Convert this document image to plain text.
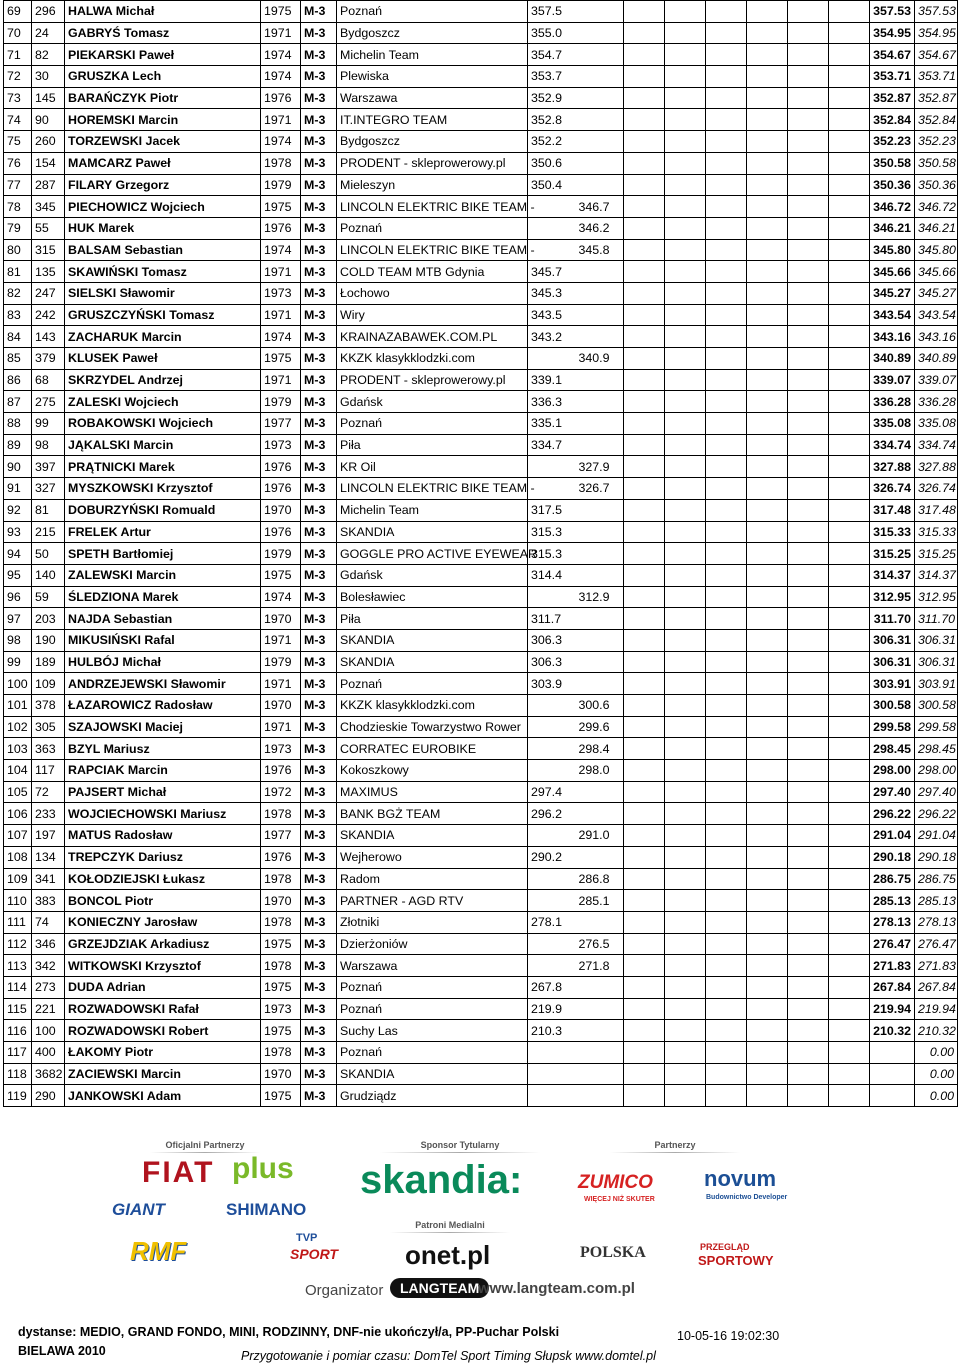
69	296	HALWA Michał	1975	M-3	Poznań	357.5								357.53	357.53
70	24	GABRYŚ Tomasz	1971	M-3	Bydgoszcz	355.0								354.95	354.95
71	82	PIEKARSKI Paweł	1974	M-3	Michelin Team	354.7								354.67	354.67
72	30	GRUSZKA Lech	1974	M-3	Plewiska	353.7								353.71	353.71
73	145	BARAŃCZYK Piotr	1976	M-3	Warszawa	352.9								352.87	352.87
74	90	HOREMSKI Marcin	1971	M-3	IT.INTEGRO TEAM	352.8								352.84	352.84
75	260	TORZEWSKI Jacek	1974	M-3	Bydgoszcz	352.2								352.23	352.23
76	154	MAMCARZ Paweł	1978	M-3	PRODENT - skleprowerowy.pl	350.6								350.58	350.58
77	287	FILARY Grzegorz	1979	M-3	Mieleszyn	350.4								350.36	350.36
78	345	PIECHOWICZ Wojciech	1975	M-3	LINCOLN ELEKTRIC BIKE TEAM -		346.7							346.72	346.72
79	55	HUK Marek	1976	M-3	Poznań		346.2							346.21	346.21
80	315	BALSAM Sebastian	1974	M-3	LINCOLN ELEKTRIC BIKE TEAM -		345.8							345.80	345.80
81	135	SKAWIŃSKI Tomasz	1971	M-3	COLD TEAM MTB Gdynia	345.7								345.66	345.66
82	247	SIELSKI Sławomir	1973	M-3	Łochowo	345.3								345.27	345.27
83	242	GRUSZCZYŃSKI Tomasz	1971	M-3	Wiry	343.5								343.54	343.54
84	143	ZACHARUK Marcin	1974	M-3	KRAINAZABAWEK.COM.PL	343.2								343.16	343.16
85	379	KLUSEK Paweł	1975	M-3	KKZK klasykklodzki.com		340.9							340.89	340.89
86	68	SKRZYDEL Andrzej	1971	M-3	PRODENT - skleprowerowy.pl	339.1								339.07	339.07
87	275	ZALESKI Wojciech	1979	M-3	Gdańsk	336.3								336.28	336.28
88	99	ROBAKOWSKI Wojciech	1977	M-3	Poznań	335.1								335.08	335.08
89	98	JĄKALSKI Marcin	1973	M-3	Piła	334.7								334.74	334.74
90	397	PRĄTNICKI Marek	1976	M-3	KR Oil		327.9							327.88	327.88
91	327	MYSZKOWSKI Krzysztof	1976	M-3	LINCOLN ELEKTRIC BIKE TEAM -		326.7							326.74	326.74
92	81	DOBURZYŃSKI Romuald	1970	M-3	Michelin Team	317.5								317.48	317.48
93	215	FRELEK Artur	1976	M-3	SKANDIA	315.3								315.33	315.33
94	50	SPETH Bartłomiej	1979	M-3	GOGGLE PRO ACTIVE EYEWEAR	315.3								315.25	315.25
95	140	ZALEWSKI Marcin	1975	M-3	Gdańsk	314.4								314.37	314.37
96	59	ŚLEDZIONA Marek	1974	M-3	Bolesławiec		312.9							312.95	312.95
97	203	NAJDA Sebastian	1970	M-3	Piła	311.7								311.70	311.70
98	190	MIKUSIŃSKI Rafal	1971	M-3	SKANDIA	306.3								306.31	306.31
99	189	HULBÓJ Michał	1979	M-3	SKANDIA	306.3								306.31	306.31
100	109	ANDRZEJEWSKI Sławomir	1971	M-3	Poznań	303.9								303.91	303.91
101	378	ŁAZAROWICZ Radosław	1970	M-3	KKZK klasykklodzki.com		300.6							300.58	300.58
102	305	SZAJOWSKI Maciej	1971	M-3	Chodzieskie Towarzystwo Rower		299.6							299.58	299.58
103	363	BZYL Mariusz	1973	M-3	CORRATEC EUROBIKE		298.4							298.45	298.45
104	117	RAPCIAK Marcin	1976	M-3	Kokoszkowy		298.0							298.00	298.00
105	72	PAJSERT Michał	1972	M-3	MAXIMUS	297.4								297.40	297.40
106	233	WOJCIECHOWSKI Mariusz	1978	M-3	BANK BGŻ TEAM	296.2								296.22	296.22
107	197	MATUS Radosław	1977	M-3	SKANDIA		291.0							291.04	291.04
108	134	TREPCZYK Dariusz	1976	M-3	Wejherowo	290.2								290.18	290.18
109	341	KOŁODZIEJSKI Łukasz	1978	M-3	Radom		286.8							286.75	286.75
110	383	BONCOL Piotr	1970	M-3	PARTNER - AGD RTV		285.1							285.13	285.13
111	74	KONIECZNY Jarosław	1978	M-3	Złotniki	278.1								278.13	278.13
112	346	GRZEJDZIAK Arkadiusz	1975	M-3	Dzierżoniów		276.5							276.47	276.47
113	342	WITKOWSKI Krzysztof	1978	M-3	Warszawa		271.8							271.83	271.83
114	273	DUDA Adrian	1975	M-3	Poznań	267.8								267.84	267.84
115	221	ROZWADOWSKI Rafał	1973	M-3	Poznań	219.9								219.94	219.94
116	100	ROZWADOWSKI Robert	1975	M-3	Suchy Las	210.3								210.32	210.32
117	400	ŁAKOMY Piotr	1978	M-3	Poznań										0.00
118	3682	ZACIEWSKI Marcin	1970	M-3	SKANDIA										0.00
119	290	JANKOWSKI Adam	1975	M-3	Grudziądz										0.00
Oficjalni Partnerzy	Sponsor Tytularny	Partnerzy
Patroni Medialni
FIAT plus
GIANT	SHIMANO
skandia:	ZUMICO
WIĘCEJ NIŻ SKUTER
novum
Budownictwo Developer
RMF	TVP
SPORT	onet.pl	POLSKA	PRZEGLĄD
SPORTOWY
Organizator	LANGTEAM
www.langteam.com.pl
dystanse: MEDIO, GRAND FONDO, MINI, RODZINNY, DNF-nie ukończył/a, PP-Puchar Polski
BIELAWA 2010
10-05-16 19:02:30
Przygotowanie i pomiar czasu: DomTel Sport Timing Słupsk www.domtel.pl
